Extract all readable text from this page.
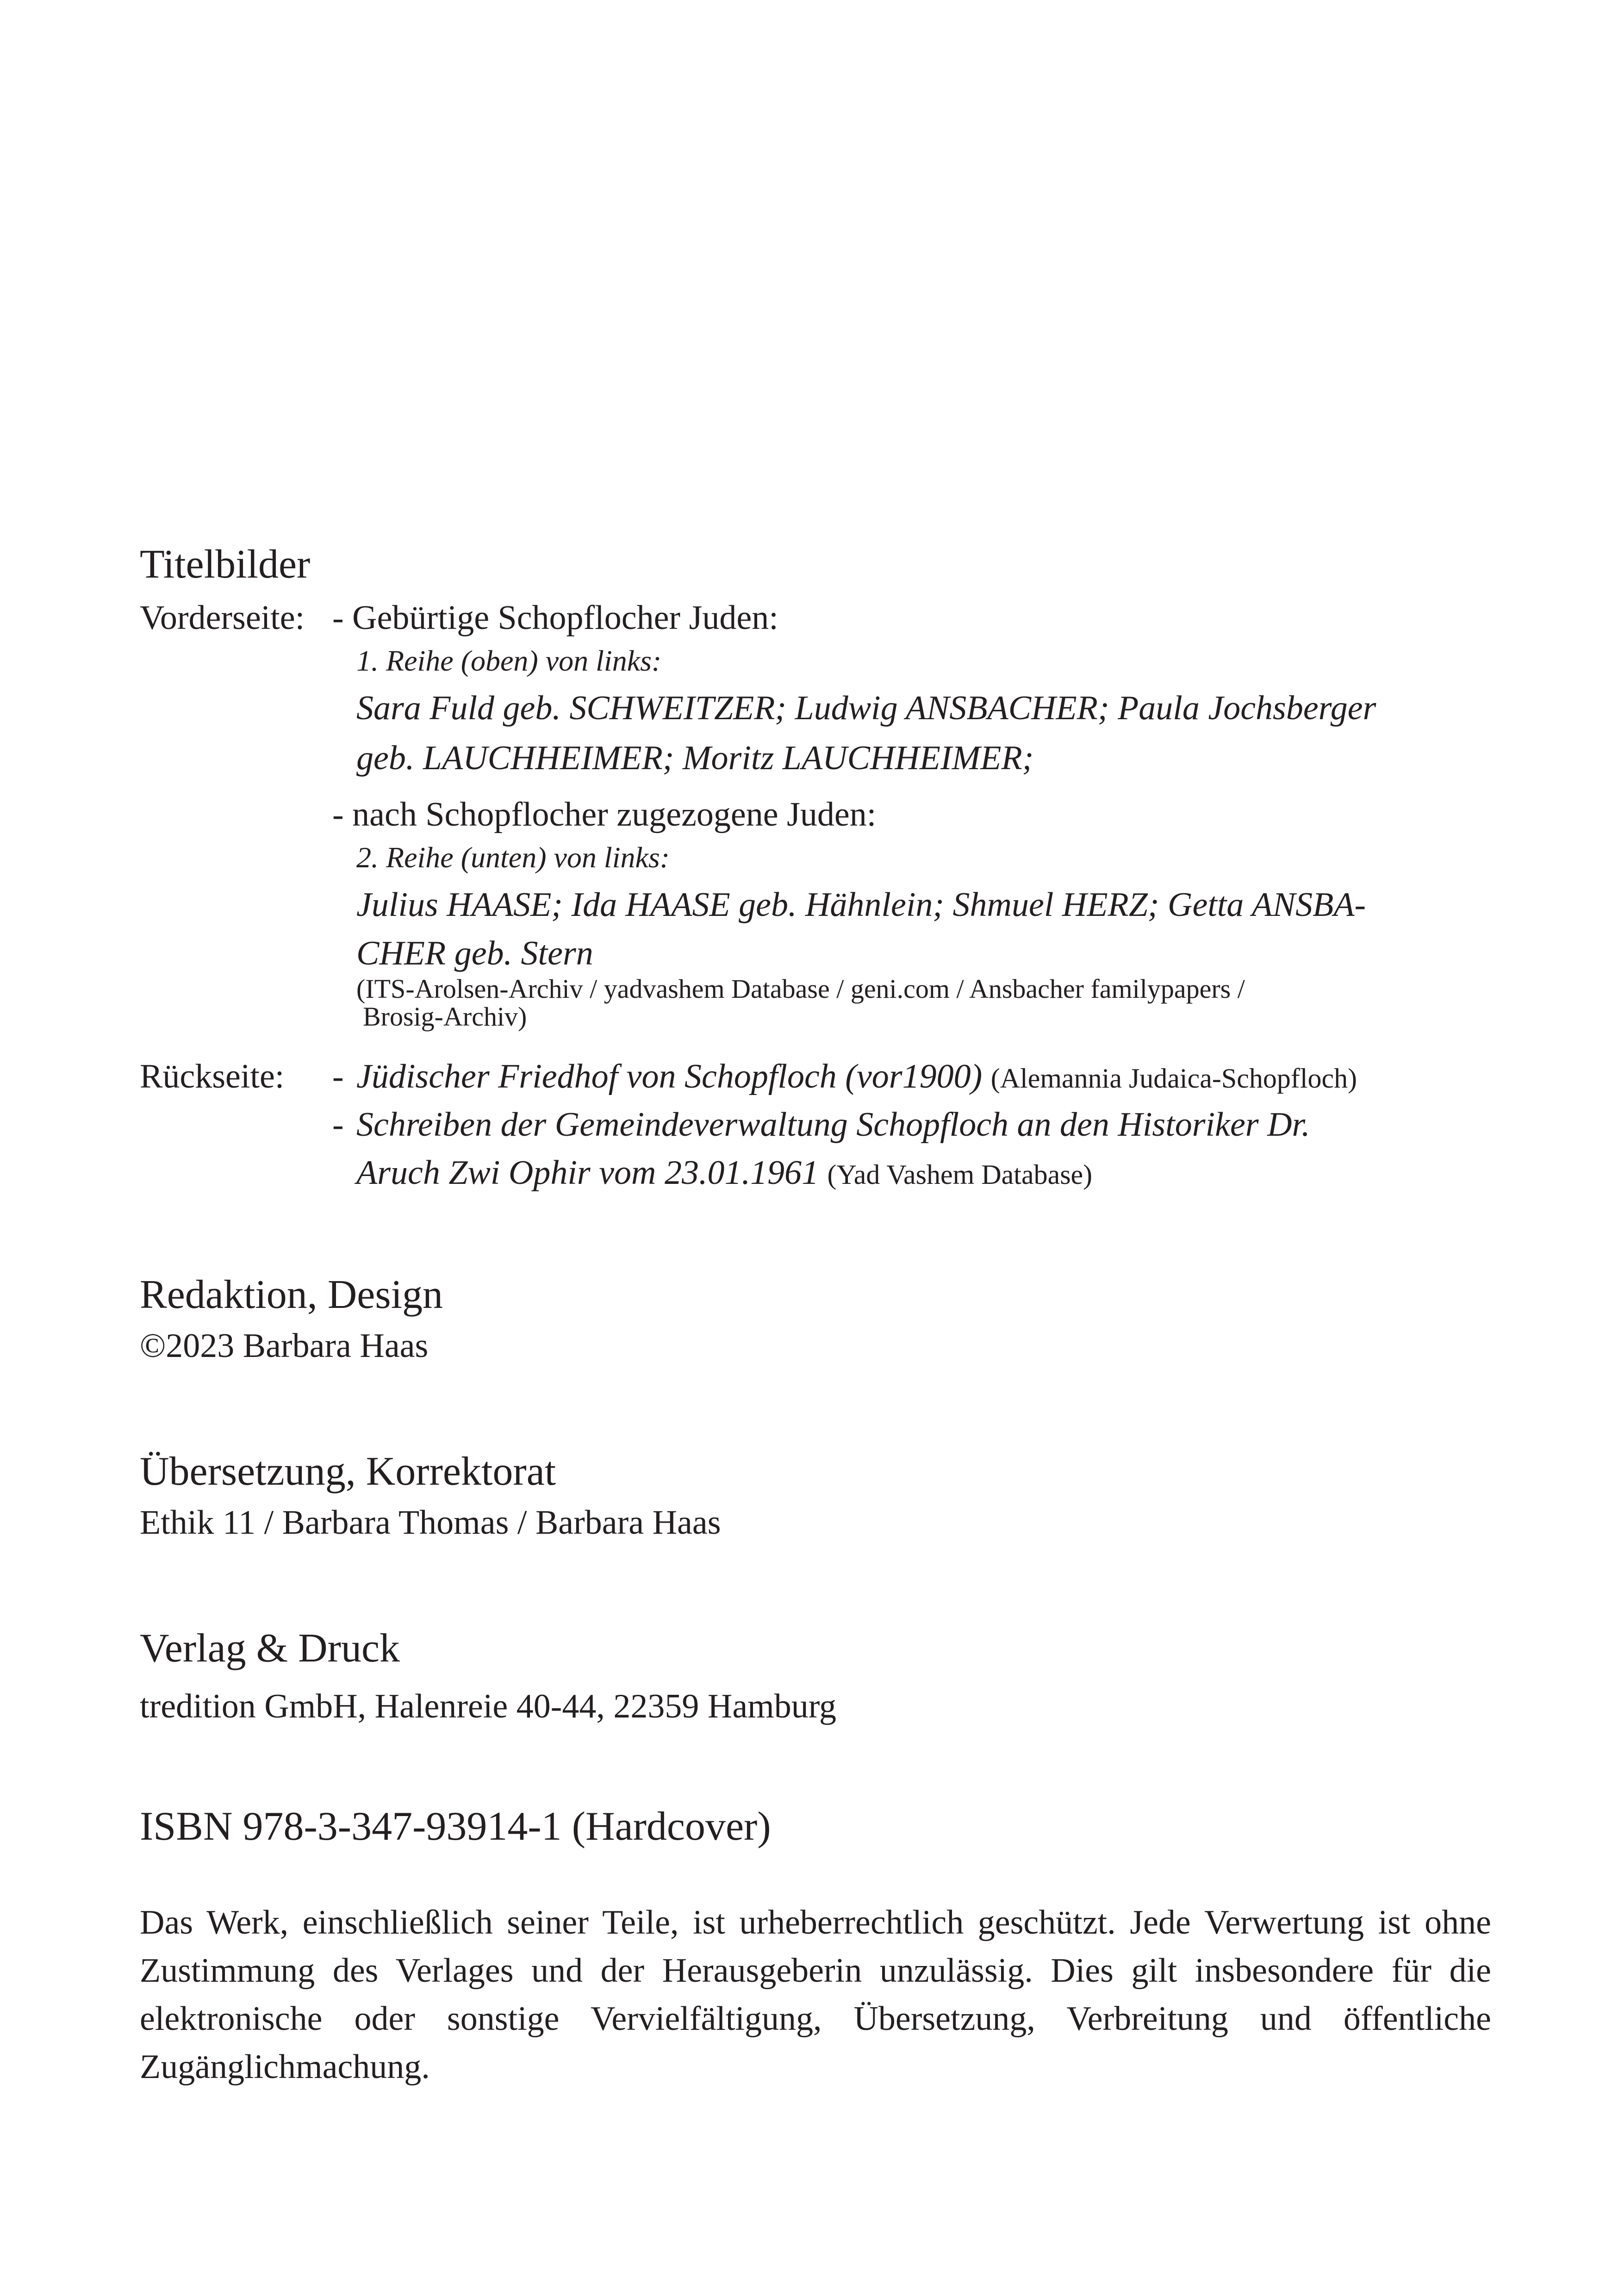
Titelbilder
Vorderseite: - Gebürtige Schopflocher Juden:
1. Reihe (oben) von links:
Sara Fuld geb. SCHWEITZER; Ludwig ANSBACHER; Paula Jochsberger
geb. LAUCHHEIMER; Moritz LAUCHHEIMER;
- nach Schopflocher zugezogene Juden:
2. Reihe (unten) von links:
Julius HAASE; Ida HAASE geb. Hähnlein; Shmuel HERZ; Getta ANSBA-
CHER geb. Stern
(ITS-Arolsen-Archiv / yadvashem Database / geni.com / Ansbacher familypapers /
Brosig-Archiv)
Rückseite: - Jüdischer Friedhof von Schopfloch (vor1900) (Alemannia Judaica-Schopfloch)
- Schreiben der Gemeindeverwaltung Schopfloch an den Historiker Dr.
Aruch Zwi Ophir vom 23.01.1961 (Yad Vashem Database)
Redaktion, Design
©2023 Barbara Haas
Übersetzung, Korrektorat
Ethik 11 / Barbara Thomas / Barbara Haas
Verlag & Druck
tredition GmbH, Halenreie 40-44, 22359 Hamburg
ISBN 978-3-347-93914-1 (Hardcover)
Das Werk, einschließlich seiner Teile, ist urheberrechtlich geschützt. Jede Verwertung ist ohne Zustimmung des Verlages und der Herausgeberin unzulässig. Dies gilt insbesondere für die elektronische oder sonstige Vervielfältigung, Übersetzung, Verbreitung und öffentliche Zugänglichmachung.
